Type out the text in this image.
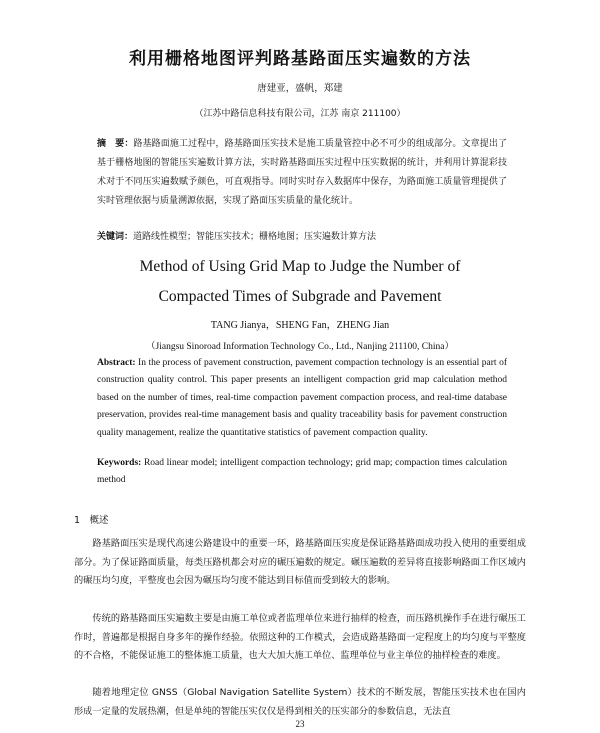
利用栅格地图评判路基路面压实遍数的方法
唐建亚，盛帆，郑建
（江苏中路信息科技有限公司，江苏 南京 211100）
摘　要：路基路面施工过程中，路基路面压实技术是施工质量管控中必不可少的组成部分。文章提出了基于栅格地图的智能压实遍数计算方法，实时路基路面压实过程中压实数据的统计，并利用计算混彩技术对于不同压实遍数赋予颜色，可直观指导。同时实时存入数据库中保存，为路面施工质量管理提供了实时管理依据与质量溯源依据，实现了路面压实质量的量化统计。
关键词：道路线性模型；智能压实技术；栅格地图；压实遍数计算方法
Method of Using Grid Map to Judge the Number of
Compacted Times of Subgrade and Pavement
TANG Jianya，SHENG Fan，ZHENG Jian
（Jiangsu Sinoroad Information Technology Co., Ltd., Nanjing 211100, China）
Abstract: In the process of pavement construction, pavement compaction technology is an essential part of construction quality control. This paper presents an intelligent compaction grid map calculation method based on the number of times, real-time compaction pavement compaction process, and real-time database preservation, provides real-time management basis and quality traceability basis for pavement construction quality management, realize the quantitative statistics of pavement compaction quality.
Keywords: Road linear model; intelligent compaction technology; grid map; compaction times calculation method
1　概述

路基路面压实是现代高速公路建设中的重要一环，路基路面压实度是保证路基路面成功投入使用的重要组成部分。为了保证路面质量，每类压路机都会对应的碾压遍数的规定。碾压遍数的差异将直接影响路面工作区域内的碾压均匀度，平整度也会因为碾压均匀度不能达到目标值而受到较大的影响。

传统的路基路面压实遍数主要是由施工单位或者监理单位来进行抽样的检查，而压路机操作手在进行碾压工作时，普遍都是根据自身多年的操作经验。依照这种的工作模式，会造成路基路面一定程度上的均匀度与平整度的不合格，不能保证施工的整体施工质量，也大大加大施工单位、监理单位与业主单位的抽样检查的难度。

随着地理定位 GNSS（Global Navigation Satellite System）技术的不断发展，智能压实技术也在国内形成一定量的发展热潮，但是单纯的智能压实仅仅是得到相关的压实部分的参数信息，无法直

23
